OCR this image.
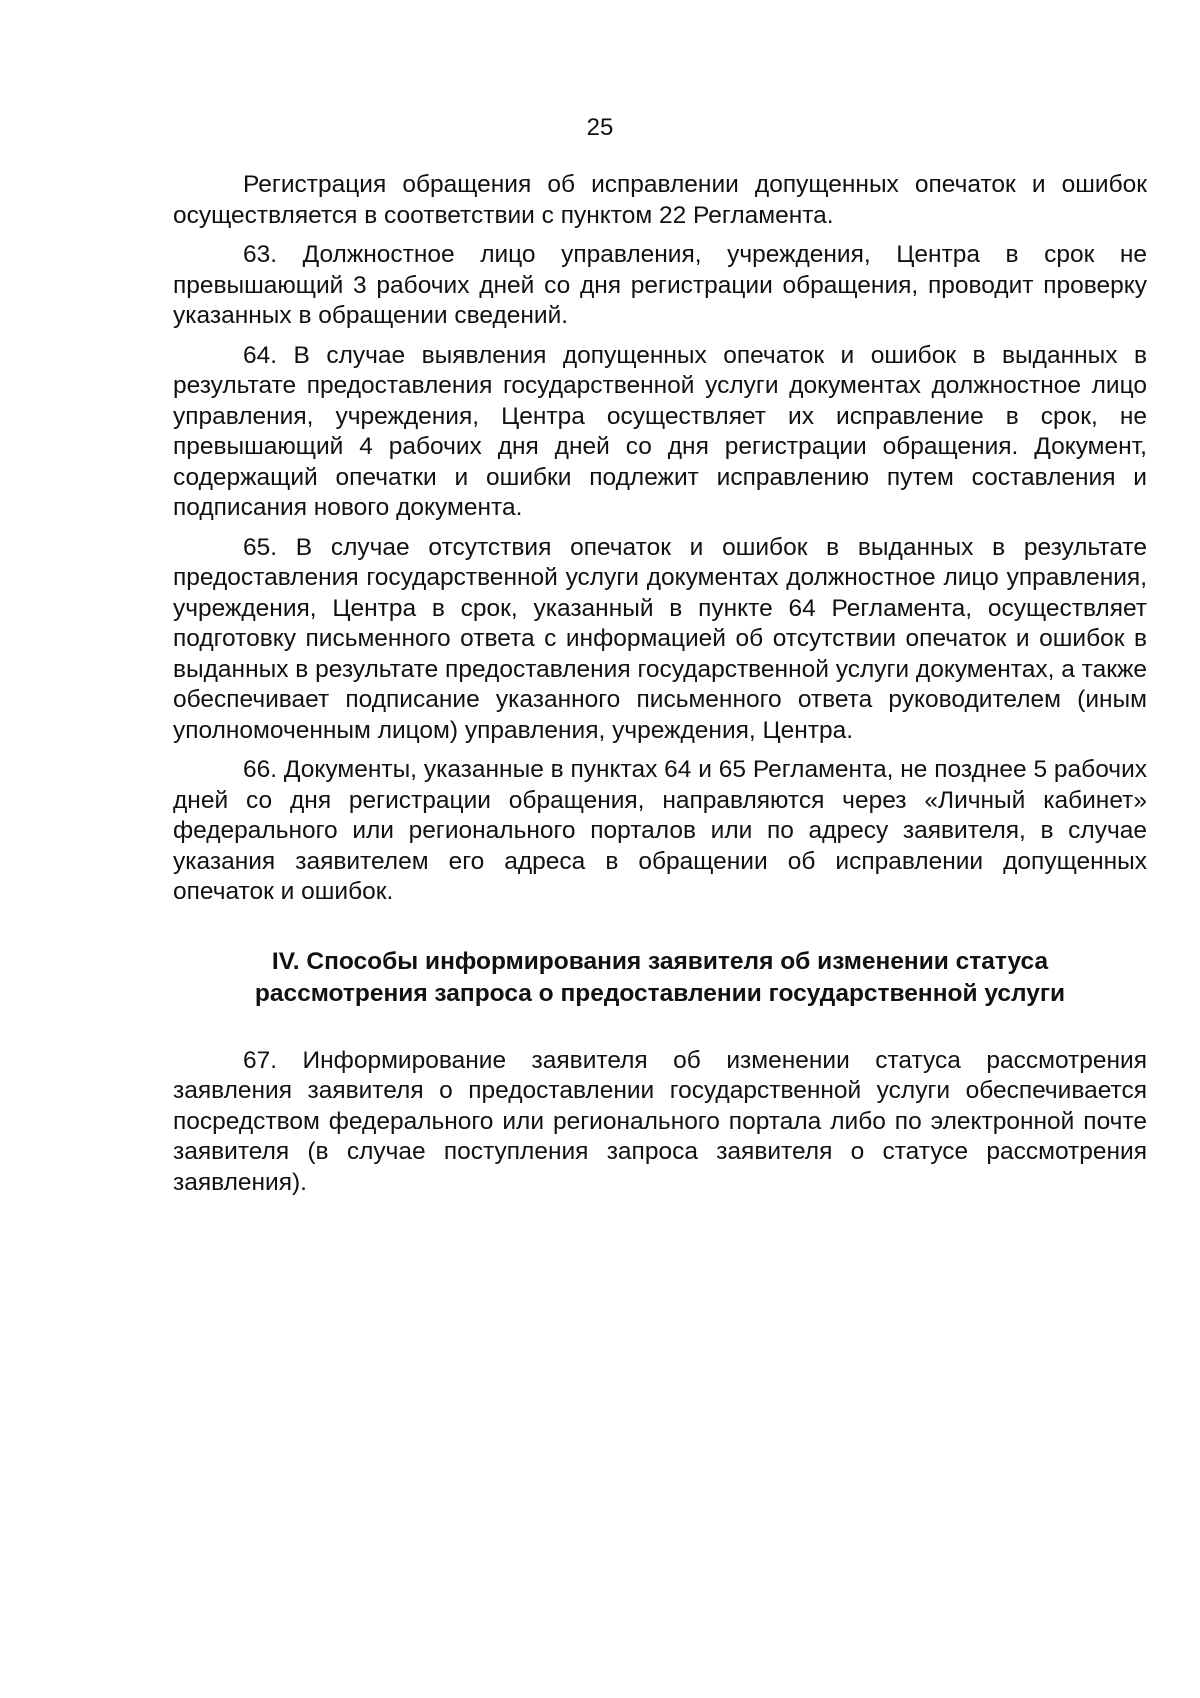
25

Регистрация обращения об исправлении допущенных опечаток и ошибок осуществляется в соответствии с пунктом 22 Регламента.

63. Должностное лицо управления, учреждения, Центра в срок не превышающий 3 рабочих дней со дня регистрации обращения, проводит проверку указанных в обращении сведений.

64. В случае выявления допущенных опечаток и ошибок в выданных в результате предоставления государственной услуги документах должностное лицо управления, учреждения, Центра осуществляет их исправление в срок, не превышающий 4 рабочих дня дней со дня регистрации обращения. Документ, содержащий опечатки и ошибки подлежит исправлению путем составления и подписания нового документа.

65. В случае отсутствия опечаток и ошибок в выданных в результате предоставления государственной услуги документах должностное лицо управления, учреждения, Центра в срок, указанный в пункте 64 Регламента, осуществляет подготовку письменного ответа с информацией об отсутствии опечаток и ошибок в выданных в результате предоставления государственной услуги документах, а также обеспечивает подписание указанного письменного ответа руководителем (иным уполномоченным лицом) управления, учреждения, Центра.

66. Документы, указанные в пунктах 64 и 65 Регламента, не позднее 5 рабочих дней со дня регистрации обращения, направляются через «Личный кабинет» федерального или регионального порталов или по адресу заявителя, в случае указания заявителем его адреса в обращении об исправлении допущенных опечаток и ошибок.

IV. Способы информирования заявителя об изменении статуса
рассмотрения запроса о предоставлении государственной услуги

67. Информирование заявителя об изменении статуса рассмотрения заявления заявителя о предоставлении государственной услуги обеспечивается посредством федерального или регионального портала либо по электронной почте заявителя (в случае поступления запроса заявителя о статусе рассмотрения заявления).
